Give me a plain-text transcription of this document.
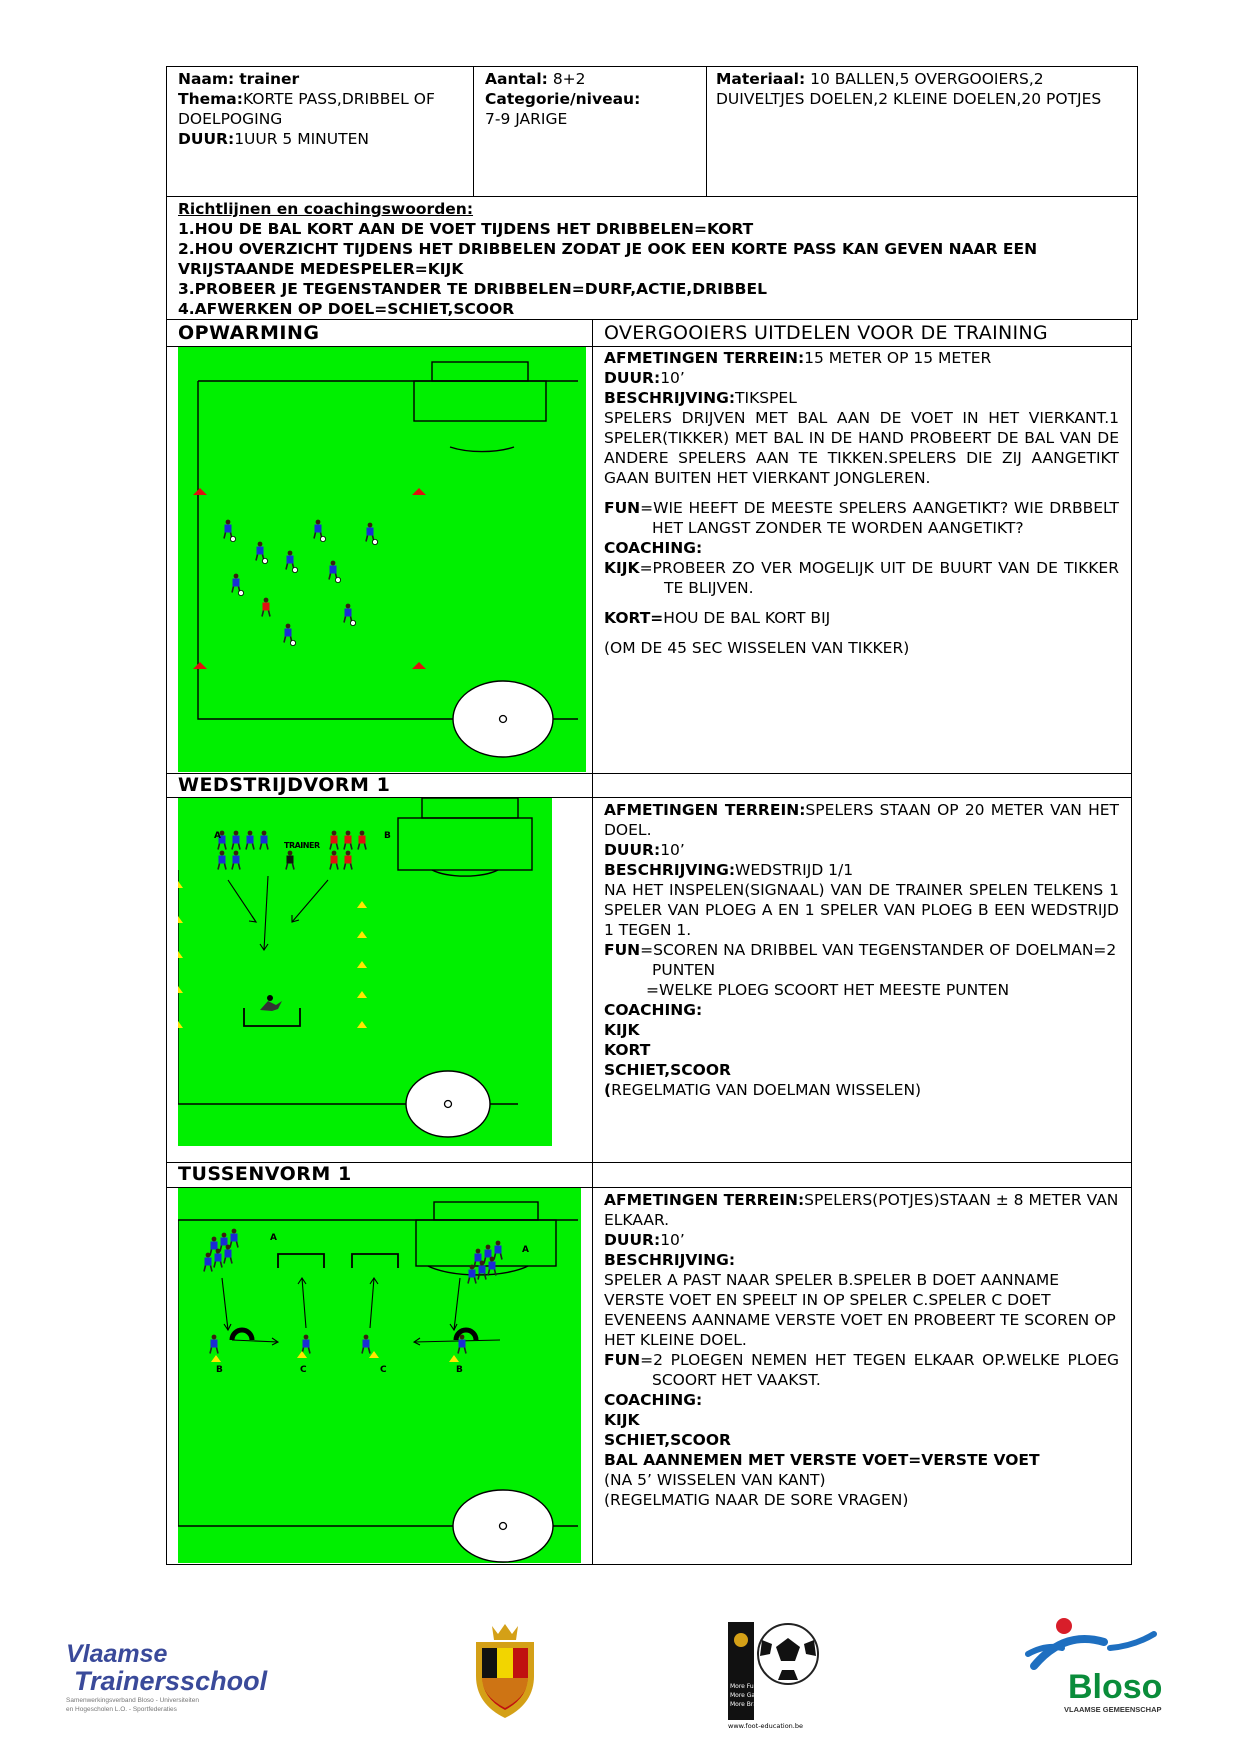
Naam: trainer
Thema:KORTE PASS,DRIBBEL OF DOELPOGING
DUUR:1UUR 5 MINUTEN
Aantal: 8+2
Categorie/niveau:
7-9 JARIGE
Materiaal: 10 BALLEN,5 OVERGOOIERS,2 DUIVELTJES DOELEN,2 KLEINE DOELEN,20 POTJES
Richtlijnen en coachingswoorden:
1.HOU DE BAL KORT AAN DE VOET TIJDENS HET DRIBBELEN=KORT
2.HOU OVERZICHT TIJDENS HET DRIBBELEN ZODAT JE OOK EEN KORTE PASS KAN GEVEN NAAR EEN VRIJSTAANDE MEDESPELER=KIJK
3.PROBEER JE TEGENSTANDER TE DRIBBELEN=DURF,ACTIE,DRIBBEL
4.AFWERKEN OP DOEL=SCHIET,SCOOR
OPWARMING	OVERGOOIERS UITDELEN VOOR DE TRAINING
AFMETINGEN TERREIN:15 METER OP 15 METER
DUUR:10’
BESCHRIJVING:TIKSPEL
SPELERS DRIJVEN MET BAL AAN DE VOET IN HET VIERKANT.1 SPELER(TIKKER) MET BAL IN DE HAND PROBEERT DE BAL VAN DE ANDERE SPELERS AAN TE TIKKEN.SPELERS DIE ZIJ AANGETIKT GAAN BUITEN HET VIERKANT JONGLEREN.
FUN=WIE HEEFT DE MEESTE SPELERS AANGETIKT? WIE DRBBELT HET LANGST ZONDER TE WORDEN AANGETIKT?
COACHING:
KIJK=PROBEER ZO VER MOGELIJK UIT DE BUURT VAN DE TIKKER TE BLIJVEN.
KORT=HOU DE BAL KORT BIJ
(OM DE 45 SEC WISSELEN VAN TIKKER)
WEDSTRIJDVORM 1
A	B
TRAINER
AFMETINGEN TERREIN:SPELERS STAAN OP 20 METER VAN HET DOEL.
DUUR:10’
BESCHRIJVING:WEDSTRIJD 1/1
NA HET INSPELEN(SIGNAAL) VAN DE TRAINER SPELEN TELKENS 1 SPELER VAN PLOEG A EN 1 SPELER VAN PLOEG B EEN WEDSTRIJD 1 TEGEN 1.
FUN=SCOREN NA DRIBBEL VAN TEGENSTANDER OF DOELMAN=2 PUNTEN
=WELKE PLOEG SCOORT HET MEESTE PUNTEN
COACHING:
KIJK
KORT
SCHIET,SCOOR
(REGELMATIG VAN DOELMAN WISSELEN)
TUSSENVORM 1
A
A
B	B
C	C
AFMETINGEN TERREIN:SPELERS(POTJES)STAAN ± 8 METER VAN ELKAAR.
DUUR:10’
BESCHRIJVING:
SPELER A PAST NAAR SPELER B.SPELER B DOET AANNAME VERSTE VOET EN SPEELT IN OP SPELER C.SPELER C DOET EVENEENS AANNAME VERSTE VOET EN PROBEERT TE SCOREN OP HET KLEINE DOEL.
FUN=2 PLOEGEN NEMEN HET TEGEN ELKAAR OP.WELKE PLOEG SCOORT HET VAAKST.
COACHING:
KIJK
SCHIET,SCOOR
BAL AANNEMEN MET VERSTE VOET=VERSTE VOET
(NA 5’ WISSELEN VAN KANT)
(REGELMATIG NAAR DE SORE VRAGEN)
Vlaamse
Trainersschool
Samenwerkingsverband Bloso - Universiteiten
en Hogescholen L.O. - Sportfederaties
More Fun
More Games
More Brains
www.foot-education.be
Bloso
VLAAMSE GEMEENSCHAP
